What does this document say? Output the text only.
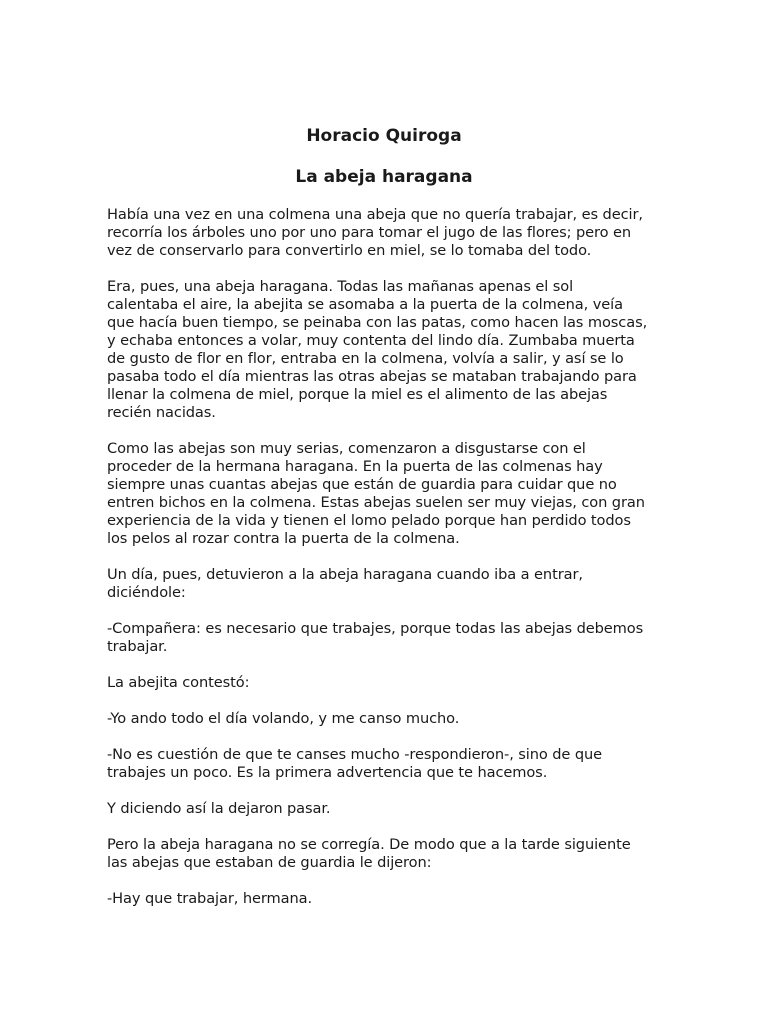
Horacio Quiroga
La abeja haragana

Había una vez en una colmena una abeja que no quería trabajar, es decir,
recorría los árboles uno por uno para tomar el jugo de las flores; pero en
vez de conservarlo para convertirlo en miel, se lo tomaba del todo.

Era, pues, una abeja haragana. Todas las mañanas apenas el sol
calentaba el aire, la abejita se asomaba a la puerta de la colmena, veía
que hacía buen tiempo, se peinaba con las patas, como hacen las moscas,
y echaba entonces a volar, muy contenta del lindo día. Zumbaba muerta
de gusto de flor en flor, entraba en la colmena, volvía a salir, y así se lo
pasaba todo el día mientras las otras abejas se mataban trabajando para
llenar la colmena de miel, porque la miel es el alimento de las abejas
recién nacidas.

Como las abejas son muy serias, comenzaron a disgustarse con el
proceder de la hermana haragana. En la puerta de las colmenas hay
siempre unas cuantas abejas que están de guardia para cuidar que no
entren bichos en la colmena. Estas abejas suelen ser muy viejas, con gran
experiencia de la vida y tienen el lomo pelado porque han perdido todos
los pelos al rozar contra la puerta de la colmena.

Un día, pues, detuvieron a la abeja haragana cuando iba a entrar,
diciéndole:

-Compañera: es necesario que trabajes, porque todas las abejas debemos
trabajar.

La abejita contestó:

-Yo ando todo el día volando, y me canso mucho.

-No es cuestión de que te canses mucho -respondieron-, sino de que
trabajes un poco. Es la primera advertencia que te hacemos.

Y diciendo así la dejaron pasar.

Pero la abeja haragana no se corregía. De modo que a la tarde siguiente
las abejas que estaban de guardia le dijeron:

-Hay que trabajar, hermana.
